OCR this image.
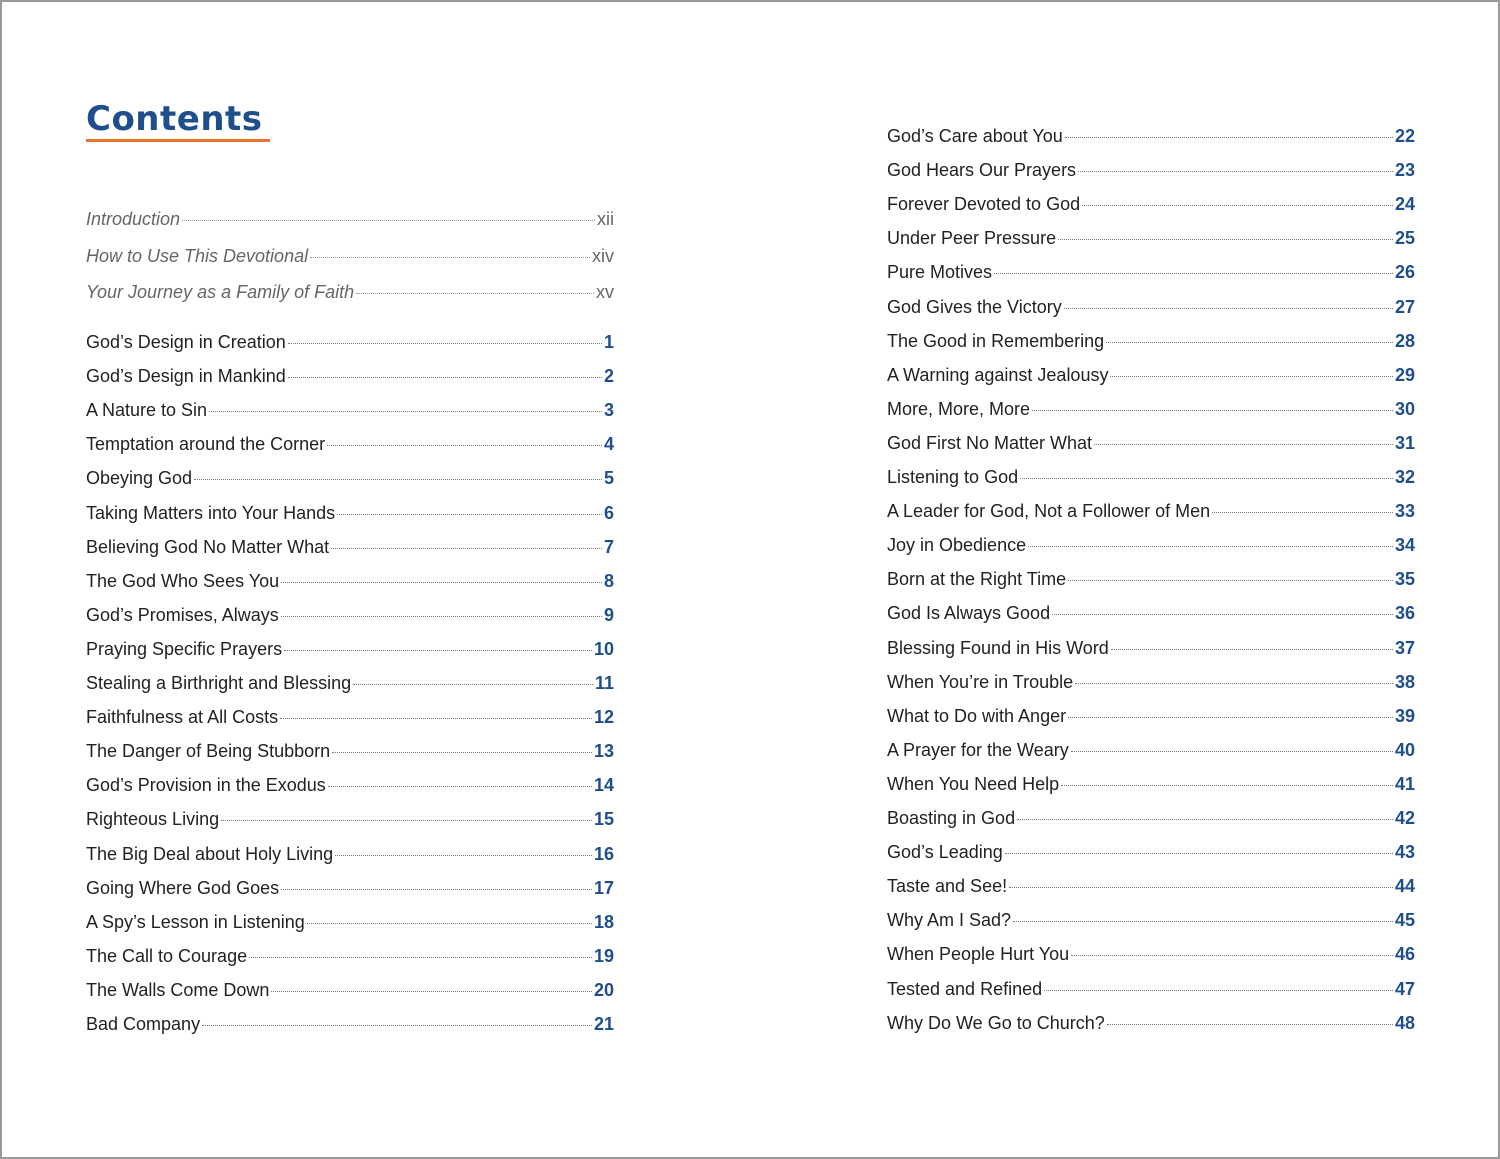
Contents
Introduction	xii
How to Use This Devotional	xiv
Your Journey as a Family of Faith	xv
God’s Design in Creation	1
God’s Design in Mankind	2
A Nature to Sin	3
Temptation around the Corner	4
Obeying God	5
Taking Matters into Your Hands	6
Believing God No Matter What	7
The God Who Sees You	8
God’s Promises, Always	9
Praying Specific Prayers	10
Stealing a Birthright and Blessing	11
Faithfulness at All Costs	12
The Danger of Being Stubborn	13
God’s Provision in the Exodus	14
Righteous Living	15
The Big Deal about Holy Living	16
Going Where God Goes	17
A Spy’s Lesson in Listening	18
The Call to Courage	19
The Walls Come Down	20
Bad Company	21
God’s Care about You	22
God Hears Our Prayers	23
Forever Devoted to God	24
Under Peer Pressure	25
Pure Motives	26
God Gives the Victory	27
The Good in Remembering	28
A Warning against Jealousy	29
More, More, More	30
God First No Matter What	31
Listening to God	32
A Leader for God, Not a Follower of Men	33
Joy in Obedience	34
Born at the Right Time	35
God Is Always Good	36
Blessing Found in His Word	37
When You’re in Trouble	38
What to Do with Anger	39
A Prayer for the Weary	40
When You Need Help	41
Boasting in God	42
God’s Leading	43
Taste and See!	44
Why Am I Sad?	45
When People Hurt You	46
Tested and Refined	47
Why Do We Go to Church?	48
